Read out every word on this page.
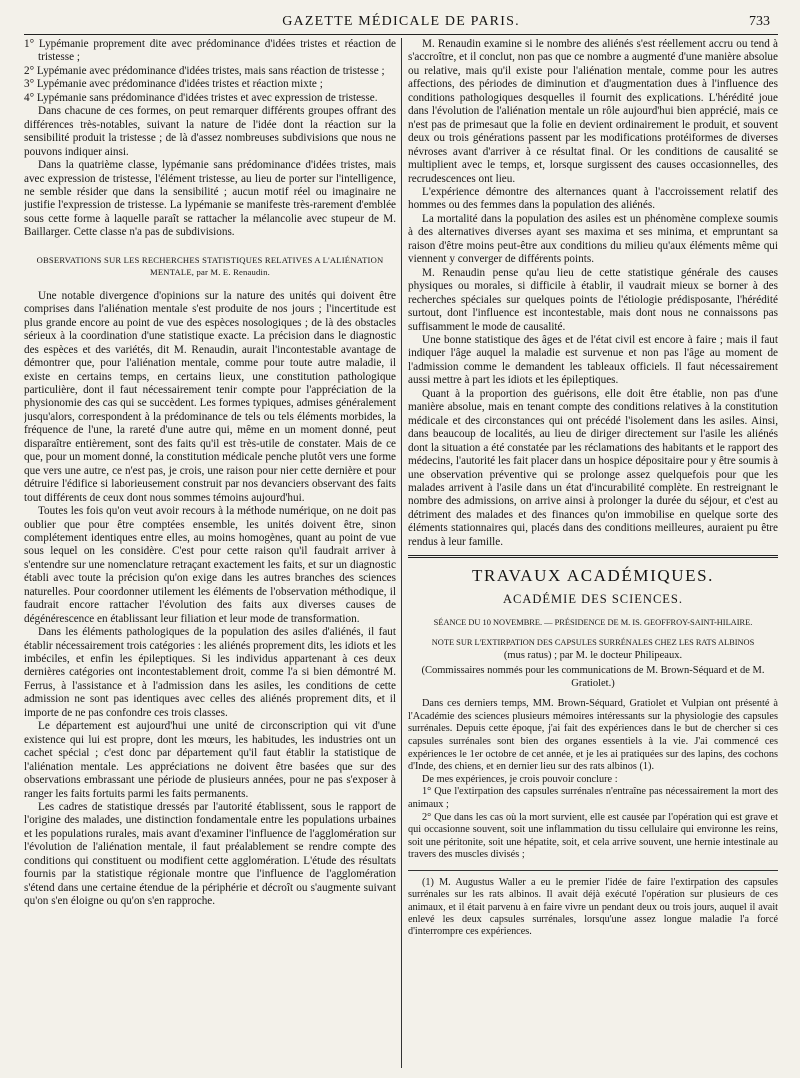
GAZETTE MÉDICALE DE PARIS.	733

1° Lypémanie proprement dite avec prédominance d'idées tristes et réaction de tristesse ;

2° Lypémanie avec prédominance d'idées tristes, mais sans réaction de tristesse ;

3° Lypémanie avec prédominance d'idées tristes et réaction mixte ;

4° Lypémanie sans prédominance d'idées tristes et avec expression de tristesse.

Dans chacune de ces formes, on peut remarquer différents groupes offrant des différences très-notables, suivant la nature de l'idée dont la réaction sur la sensibilité produit la tristesse ; de là d'assez nombreuses subdivisions que nous ne pouvons indiquer ainsi.

Dans la quatrième classe, lypémanie sans prédominance d'idées tristes, mais avec expression de tristesse, l'élément tristesse, au lieu de porter sur l'intelligence, ne semble résider que dans la sensibilité ; aucun motif réel ou imaginaire ne justifie l'expression de tristesse. La lypémanie se manifeste très-rarement d'emblée sous cette forme à laquelle paraît se rattacher la mélancolie avec stupeur de M. Baillarger. Cette classe n'a pas de subdivisions.

OBSERVATIONS SUR LES RECHERCHES STATISTIQUES RELATIVES A L'ALIÉNATION MENTALE, par M. E. Renaudin.

Une notable divergence d'opinions sur la nature des unités qui doivent être comprises dans l'aliénation mentale s'est produite de nos jours ; l'incertitude est plus grande encore au point de vue des espèces nosologiques ; de là des obstacles sérieux à la coordination d'une statistique exacte. La précision dans le diagnostic des espèces et des variétés, dit M. Renaudin, aurait l'incontestable avantage de démontrer que, pour l'aliénation mentale, comme pour toute autre maladie, il existe en certains temps, en certains lieux, une constitution pathologique particulière, dont il faut nécessairement tenir compte pour l'appréciation de la physionomie des cas qui se succèdent. Les formes typiques, admises généralement jusqu'alors, correspondent à la prédominance de tels ou tels éléments morbides, la fréquence de l'une, la rareté d'une autre qui, même en un moment donné, peut disparaître entièrement, sont des faits qu'il est très-utile de constater. Mais de ce que, pour un moment donné, la constitution médicale penche plutôt vers une forme que vers une autre, ce n'est pas, je crois, une raison pour nier cette dernière et pour détruire l'édifice si laborieusement construit par nos devanciers observant des faits tout différents de ceux dont nous sommes témoins aujourd'hui.

Toutes les fois qu'on veut avoir recours à la méthode numérique, on ne doit pas oublier que pour être comptées ensemble, les unités doivent être, sinon complétement identiques entre elles, au moins homogènes, quant au point de vue sous lequel on les considère. C'est pour cette raison qu'il faudrait arriver à s'entendre sur une nomenclature retraçant exactement les faits, et sur un diagnostic établi avec toute la précision qu'on exige dans les autres branches des sciences naturelles. Pour coordonner utilement les éléments de l'observation méthodique, il faudrait encore rattacher l'évolution des faits aux diverses causes de dégénérescence en établissant leur filiation et leur mode de transformation.

Dans les éléments pathologiques de la population des asiles d'aliénés, il faut établir nécessairement trois catégories : les aliénés proprement dits, les idiots et les imbéciles, et enfin les épileptiques. Si les individus appartenant à ces deux dernières catégories ont incontestablement droit, comme l'a si bien démontré M. Ferrus, à l'assistance et à l'admission dans les asiles, les conditions de cette admission ne sont pas identiques avec celles des aliénés proprement dits, et il importe de ne pas confondre ces trois classes.

Le département est aujourd'hui une unité de circonscription qui vit d'une existence qui lui est propre, dont les mœurs, les habitudes, les industries ont un cachet spécial ; c'est donc par département qu'il faut établir la statistique de l'aliénation mentale. Les appréciations ne doivent être basées que sur des observations embrassant une période de plusieurs années, pour ne pas s'exposer à ranger les faits fortuits parmi les faits permanents.

Les cadres de statistique dressés par l'autorité établissent, sous le rapport de l'origine des malades, une distinction fondamentale entre les populations urbaines et les populations rurales, mais avant d'examiner l'influence de l'agglomération sur l'évolution de l'aliénation mentale, il faut préalablement se rendre compte des conditions qui constituent ou modifient cette agglomération. L'étude des résultats fournis par la statistique régionale montre que l'influence de l'agglomération s'étend dans une certaine étendue de la périphérie et décroît ou s'augmente suivant qu'on s'en éloigne ou qu'on s'en rapproche.

M. Renaudin examine si le nombre des aliénés s'est réellement accru ou tend à s'accroître, et il conclut, non pas que ce nombre a augmenté d'une manière absolue ou relative, mais qu'il existe pour l'aliénation mentale, comme pour les autres affections, des périodes de diminution et d'augmentation dues à l'influence des conditions pathologiques desquelles il fournit des explications. L'hérédité joue dans l'évolution de l'aliénation mentale un rôle aujourd'hui bien apprécié, mais ce n'est pas de primesaut que la folie en devient ordinairement le produit, et souvent deux ou trois générations passent par les modifications protéiformes de diverses névroses avant d'arriver à ce résultat final. Or les conditions de causalité se multiplient avec le temps, et, lorsque surgissent des causes occasionnelles, des recrudescences ont lieu.

L'expérience démontre des alternances quant à l'accroissement relatif des hommes ou des femmes dans la population des aliénés.

La mortalité dans la population des asiles est un phénomène complexe soumis à des alternatives diverses ayant ses maxima et ses minima, et empruntant sa raison d'être moins peut-être aux conditions du milieu qu'aux éléments même qui viennent y converger de différents points.

M. Renaudin pense qu'au lieu de cette statistique générale des causes physiques ou morales, si difficile à établir, il vaudrait mieux se borner à des recherches spéciales sur quelques points de l'étiologie prédisposante, l'hérédité surtout, dont l'influence est incontestable, mais dont nous ne connaissons pas suffisamment le mode de causalité.

Une bonne statistique des âges et de l'état civil est encore à faire ; mais il faut indiquer l'âge auquel la maladie est survenue et non pas l'âge au moment de l'admission comme le demandent les tableaux officiels. Il faut nécessairement aussi mettre à part les idiots et les épileptiques.

Quant à la proportion des guérisons, elle doit être établie, non pas d'une manière absolue, mais en tenant compte des conditions relatives à la constitution médicale et des circonstances qui ont précédé l'isolement dans les asiles. Ainsi, dans beaucoup de localités, au lieu de diriger directement sur l'asile les aliénés dont la situation a été constatée par les réclamations des habitants et le rapport des médecins, l'autorité les fait placer dans un hospice dépositaire pour y être soumis à une observation préventive qui se prolonge assez quelquefois pour que les malades arrivent à l'asile dans un état d'incurabilité complète. En restreignant le nombre des admissions, on arrive ainsi à prolonger la durée du séjour, et c'est au détriment des malades et des finances qu'on immobilise en quelque sorte des éléments stationnaires qui, placés dans des conditions meilleures, auraient pu être rendus à leur famille.

TRAVAUX ACADÉMIQUES.
ACADÉMIE DES SCIENCES.
SÉANCE DU 10 NOVEMBRE. — PRÉSIDENCE DE M. IS. GEOFFROY-SAINT-HILAIRE.
NOTE SUR L'EXTIRPATION DES CAPSULES SURRÉNALES CHEZ LES RATS ALBINOS
(mus ratus) ; par M. le docteur Philipeaux.
(Commissaires nommés pour les communications de M. Brown-Séquard et de M. Gratiolet.)

Dans ces derniers temps, MM. Brown-Séquard, Gratiolet et Vulpian ont présenté à l'Académie des sciences plusieurs mémoires intéressants sur la physiologie des capsules surrénales. Depuis cette époque, j'ai fait des expériences dans le but de chercher si ces capsules surrénales sont bien des organes essentiels à la vie. J'ai commencé ces expériences le 1er octobre de cet année, et je les ai pratiquées sur des lapins, des cochons d'Inde, des chiens, et en dernier lieu sur des rats albinos (1).

De mes expériences, je crois pouvoir conclure :

1° Que l'extirpation des capsules surrénales n'entraîne pas nécessairement la mort des animaux ;

2° Que dans les cas où la mort survient, elle est causée par l'opération qui est grave et qui occasionne souvent, soit une inflammation du tissu cellulaire qui environne les reins, soit une péritonite, soit une hépatite, soit, et cela arrive souvent, une hernie intestinale au travers des muscles divisés ;

(1) M. Augustus Waller a eu le premier l'idée de faire l'extirpation des capsules surrénales sur les rats albinos. Il avait déjà exécuté l'opération sur plusieurs de ces animaux, et il était parvenu à en faire vivre un pendant deux ou trois jours, auquel il avait enlevé les deux capsules surrénales, lorsqu'une assez longue maladie l'a forcé d'interrompre ces expériences.
